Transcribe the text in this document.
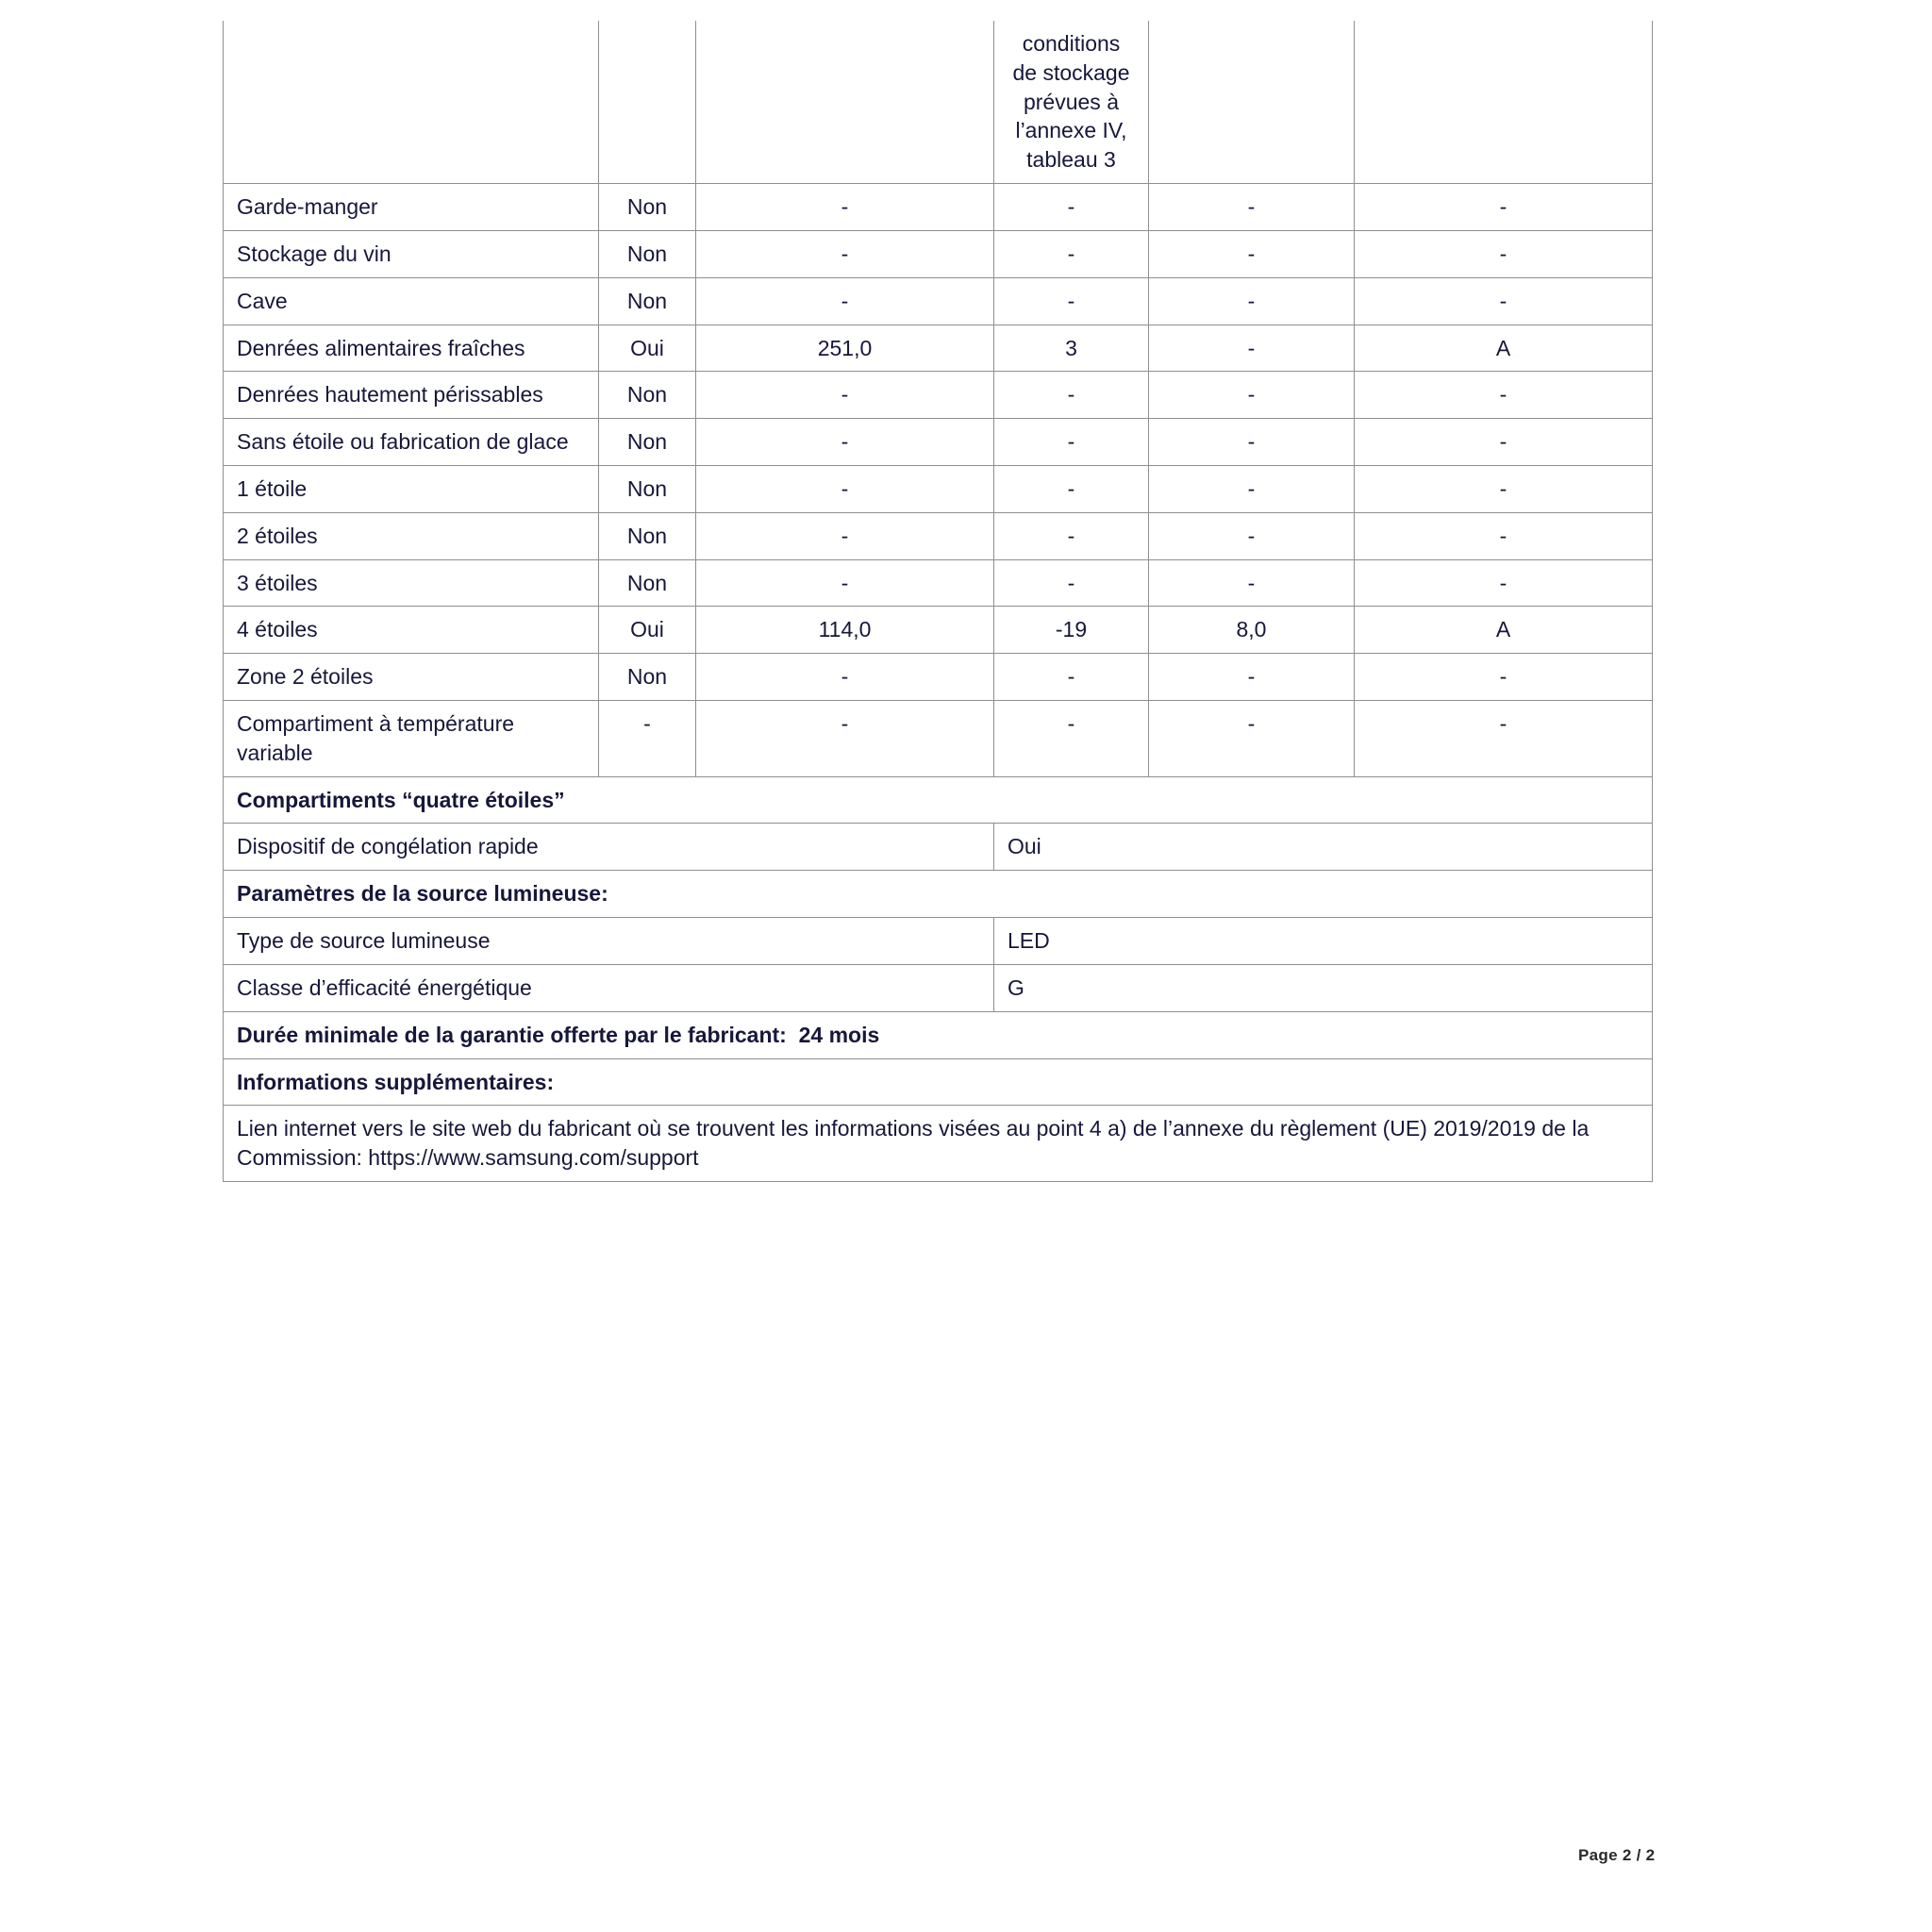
			conditions de stockage prévues à l’annexe IV, tableau 3		
Garde-manger	Non	-	-	-	-
Stockage du vin	Non	-	-	-	-
Cave	Non	-	-	-	-
Denrées alimentaires fraîches	Oui	251,0	3	-	A
Denrées hautement périssables	Non	-	-	-	-
Sans étoile ou fabrication de glace	Non	-	-	-	-
1 étoile	Non	-	-	-	-
2 étoiles	Non	-	-	-	-
3 étoiles	Non	-	-	-	-
4 étoiles	Oui	114,0	-19	8,0	A
Zone 2 étoiles	Non	-	-	-	-
Compartiment à température variable	-	-	-	-	-
Compartiments “quatre étoiles”					
Dispositif de congélation rapide			Oui		
Paramètres de la source lumineuse:					
Type de source lumineuse			LED		
Classe d’efficacité énergétique			G		
Durée minimale de la garantie offerte par le fabricant: 24 mois					
Informations supplémentaires:					
Lien internet vers le site web du fabricant où se trouvent les informations visées au point 4 a) de l’annexe du règlement (UE) 2019/2019 de la Commission: https://www.samsung.com/support					
Page 2 / 2
